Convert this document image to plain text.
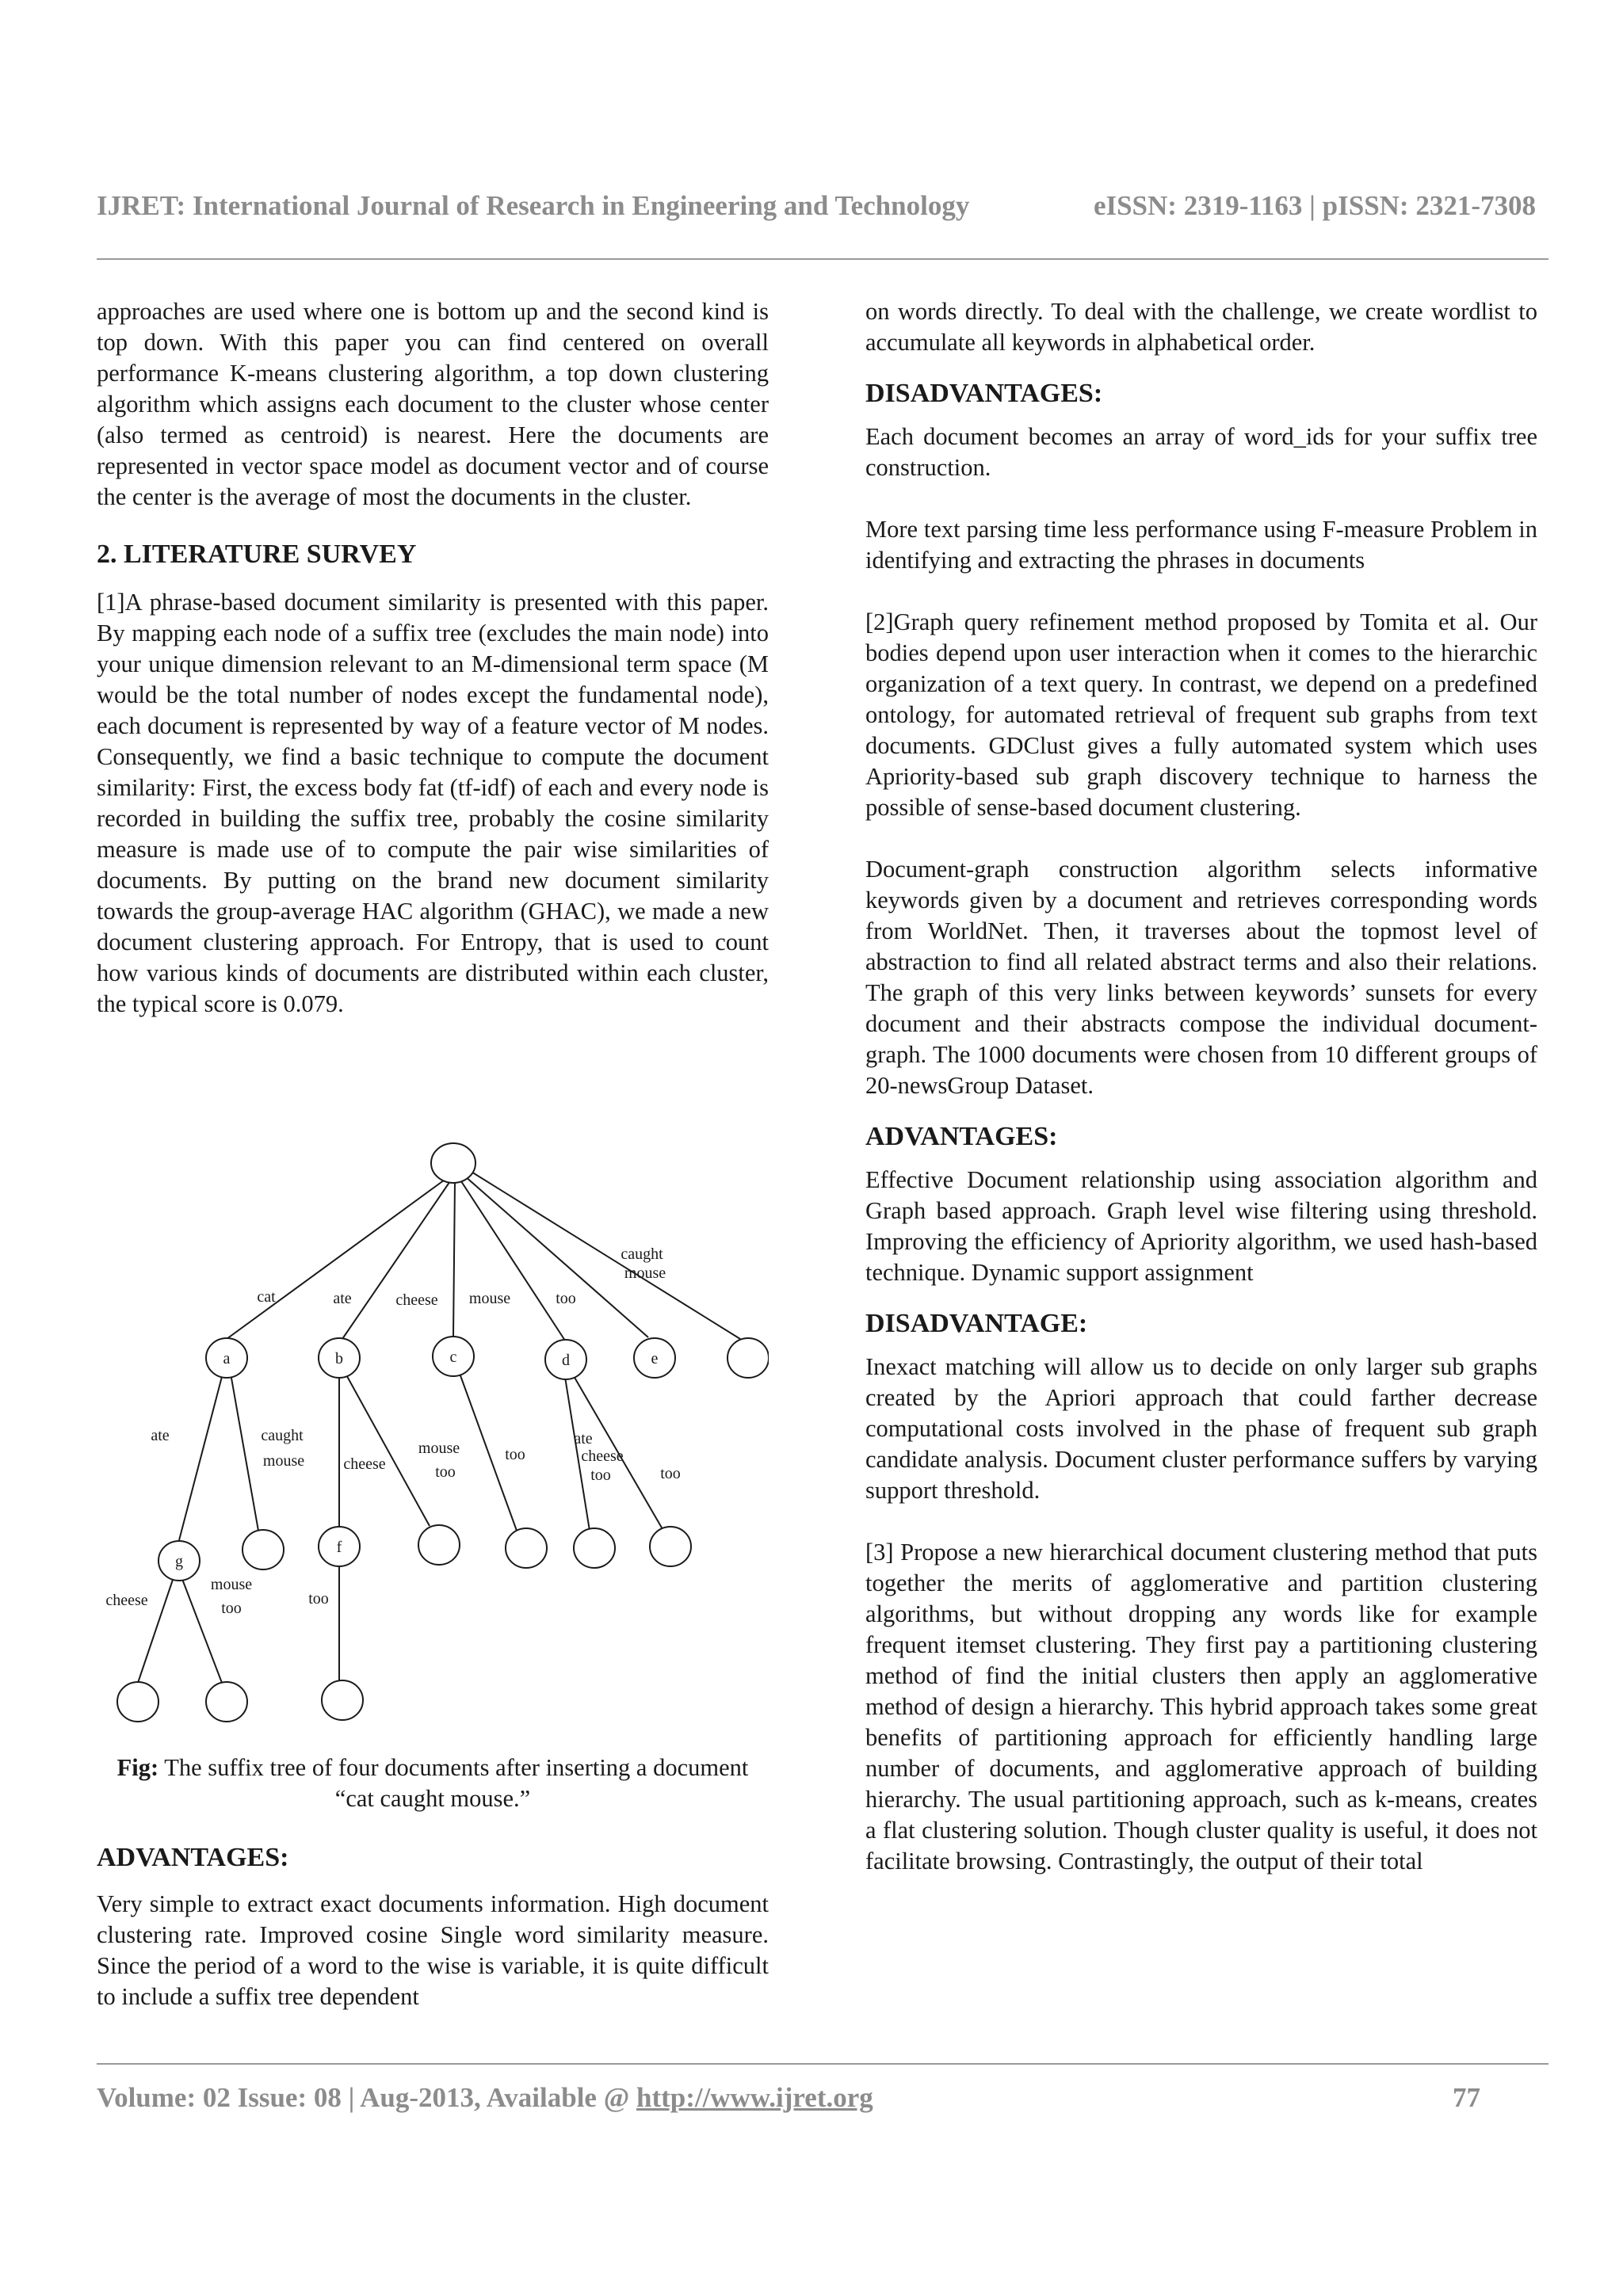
IJRET: International Journal of Research in Engineering and Technology	eISSN: 2319-1163 | pISSN: 2321-7308

approaches are used where one is bottom up and the second kind is top down. With this paper you can find centered on overall performance K-means clustering algorithm, a top down clustering algorithm which assigns each document to the cluster whose center (also termed as centroid) is nearest. Here the documents are represented in vector space model as document vector and of course the center is the average of most the documents in the cluster.

2. LITERATURE SURVEY

[1]A phrase-based document similarity is presented with this paper. By mapping each node of a suffix tree (excludes the main node) into your unique dimension relevant to an M-dimensional term space (M would be the total number of nodes except the fundamental node), each document is represented by way of a feature vector of M nodes. Consequently, we find a basic technique to compute the document similarity: First, the excess body fat (tf-idf) of each and every node is recorded in building the suffix tree, probably the cosine similarity measure is made use of to compute the pair wise similarities of documents. By putting on the brand new document similarity towards the group-average HAC algorithm (GHAC), we made a new document clustering approach. For Entropy, that is used to count how various kinds of documents are distributed within each cluster, the typical score is 0.079.

a	b	c	d	e
g
f
cat	ate	cheese mouse	too
caught
mouse
ate	caught
mouse cheese
mouse
too
too
ate
cheese
too	too
cheese
mouse
too
too
Fig: The suffix tree of four documents after inserting a document “cat caught mouse.”

ADVANTAGES:

Very simple to extract exact documents information. High document clustering rate. Improved cosine Single word similarity measure. Since the period of a word to the wise is variable, it is quite difficult to include a suffix tree dependent

on words directly. To deal with the challenge, we create wordlist to accumulate all keywords in alphabetical order.

DISADVANTAGES:

Each document becomes an array of word_ids for your suffix tree construction.

More text parsing time less performance using F-measure Problem in identifying and extracting the phrases in documents

[2]Graph query refinement method proposed by Tomita et al. Our bodies depend upon user interaction when it comes to the hierarchic organization of a text query. In contrast, we depend on a predefined ontology, for automated retrieval of frequent sub graphs from text documents. GDClust gives a fully automated system which uses Apriority-based sub graph discovery technique to harness the possible of sense-based document clustering.

Document-graph construction algorithm selects informative keywords given by a document and retrieves corresponding words from WorldNet. Then, it traverses about the topmost level of abstraction to find all related abstract terms and also their relations. The graph of this very links between keywords’ sunsets for every document and their abstracts compose the individual document-graph. The 1000 documents were chosen from 10 different groups of 20-newsGroup Dataset.

ADVANTAGES:

Effective Document relationship using association algorithm and Graph based approach. Graph level wise filtering using threshold. Improving the efficiency of Apriority algorithm, we used hash-based technique. Dynamic support assignment

DISADVANTAGE:

Inexact matching will allow us to decide on only larger sub graphs created by the Apriori approach that could farther decrease computational costs involved in the phase of frequent sub graph candidate analysis. Document cluster performance suffers by varying support threshold.

[3] Propose a new hierarchical document clustering method that puts together the merits of agglomerative and partition clustering algorithms, but without dropping any words like for example frequent itemset clustering. They first pay a partitioning clustering method of find the initial clusters then apply an agglomerative method of design a hierarchy. This hybrid approach takes some great benefits of partitioning approach for efficiently handling large number of documents, and agglomerative approach of building hierarchy. The usual partitioning approach, such as k-means, creates a flat clustering solution. Though cluster quality is useful, it does not facilitate browsing. Contrastingly, the output of their total

Volume: 02 Issue: 08 | Aug-2013, Available @ http://www.ijret.org	77
